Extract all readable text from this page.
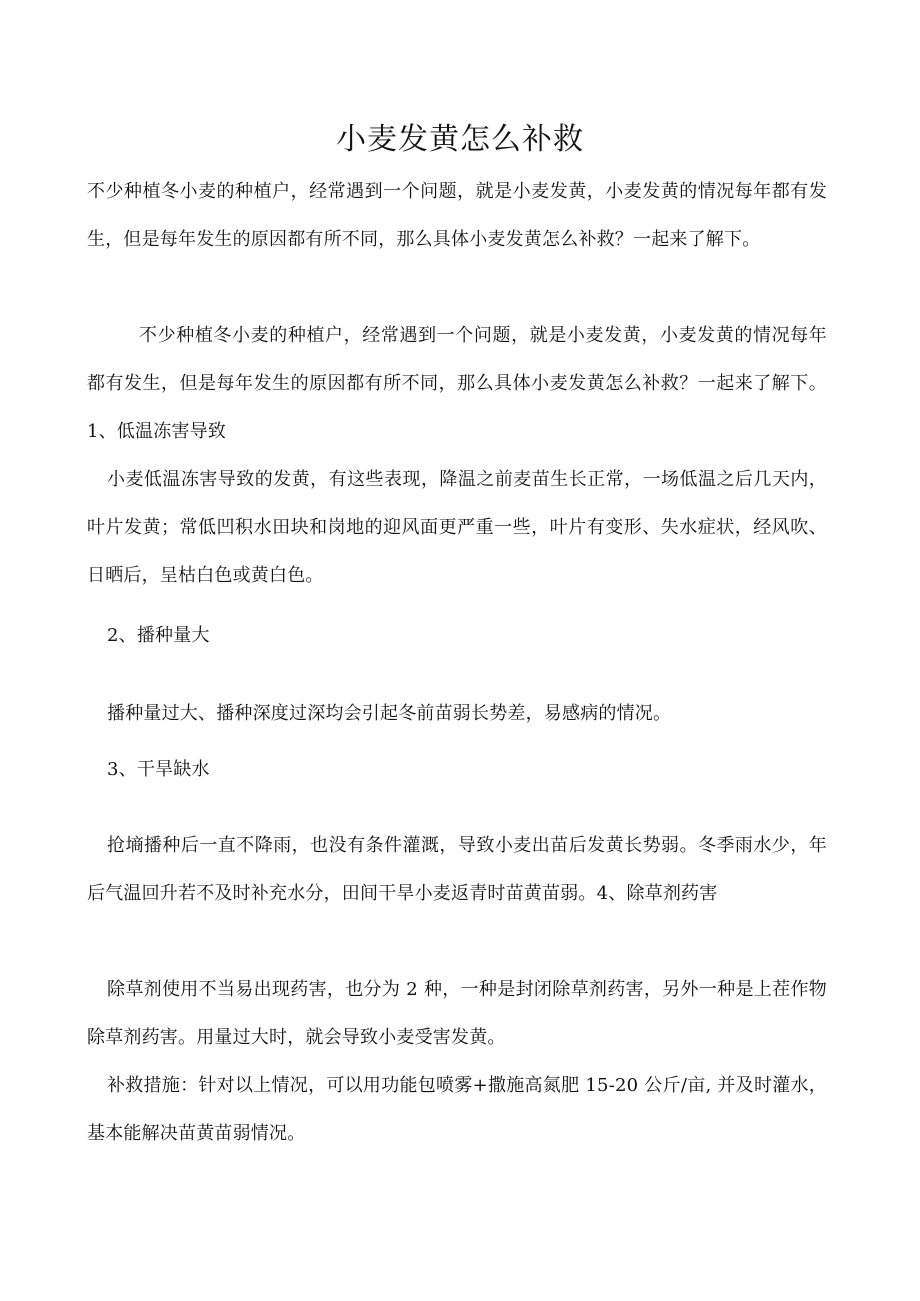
小麦发黄怎么补救

不少种植冬小麦的种植户，经常遇到一个问题，就是小麦发黄，小麦发黄的情况每年都有发生，但是每年发生的原因都有所不同，那么具体小麦发黄怎么补救？一起来了解下。

不少种植冬小麦的种植户，经常遇到一个问题，就是小麦发黄，小麦发黄的情况每年都有发生，但是每年发生的原因都有所不同，那么具体小麦发黄怎么补救？一起来了解下。1、低温冻害导致

小麦低温冻害导致的发黄，有这些表现，降温之前麦苗生长正常，一场低温之后几天内，叶片发黄；常低凹积水田块和岗地的迎风面更严重一些，叶片有变形、失水症状，经风吹、日晒后，呈枯白色或黄白色。

2、播种量大

播种量过大、播种深度过深均会引起冬前苗弱长势差，易感病的情况。

3、干旱缺水

抢墒播种后一直不降雨，也没有条件灌溉，导致小麦出苗后发黄长势弱。冬季雨水少，年后气温回升若不及时补充水分，田间干旱小麦返青时苗黄苗弱。4、除草剂药害

除草剂使用不当易出现药害，也分为 2 种，一种是封闭除草剂药害，另外一种是上茬作物除草剂药害。用量过大时，就会导致小麦受害发黄。

补救措施：针对以上情况，可以用功能包喷雾+撒施高氮肥 15-20 公斤/亩, 并及时灌水，基本能解决苗黄苗弱情况。
